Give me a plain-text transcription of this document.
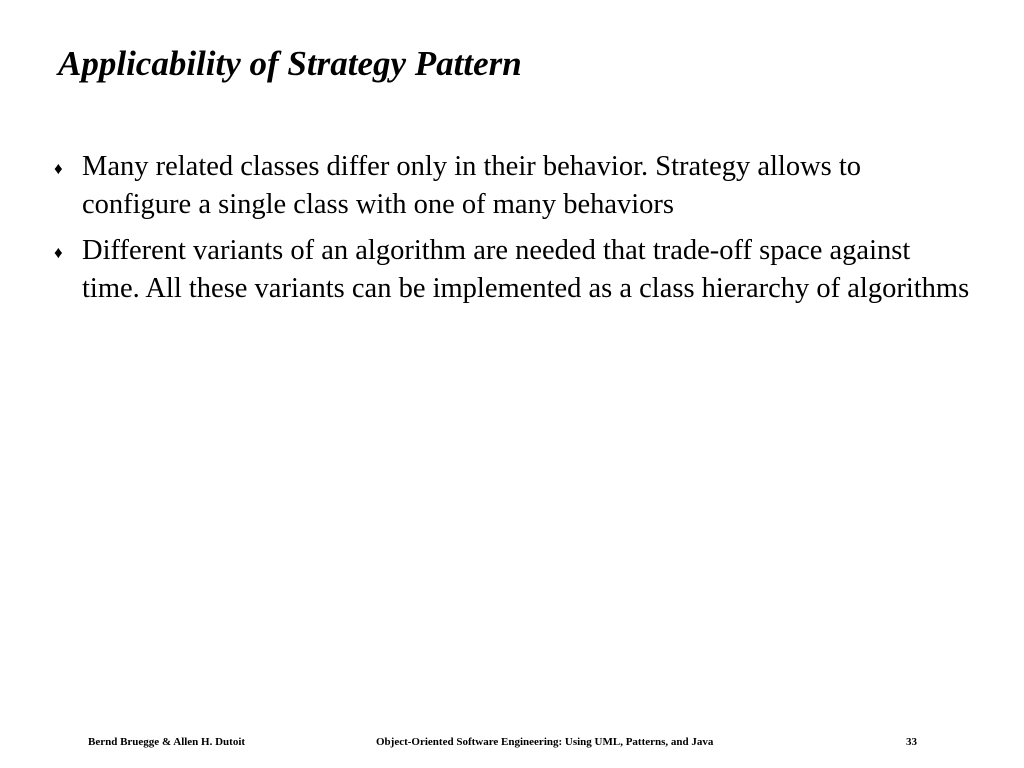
Applicability of Strategy Pattern
♦ Many related classes differ only in their behavior. Strategy allows to configure a single class with one of many behaviors
♦ Different variants of an algorithm are needed that trade-off space against time. All these variants can be implemented as a class hierarchy of algorithms
Bernd Bruegge & Allen H. Dutoit	Object-Oriented Software Engineering: Using UML, Patterns, and Java	33
